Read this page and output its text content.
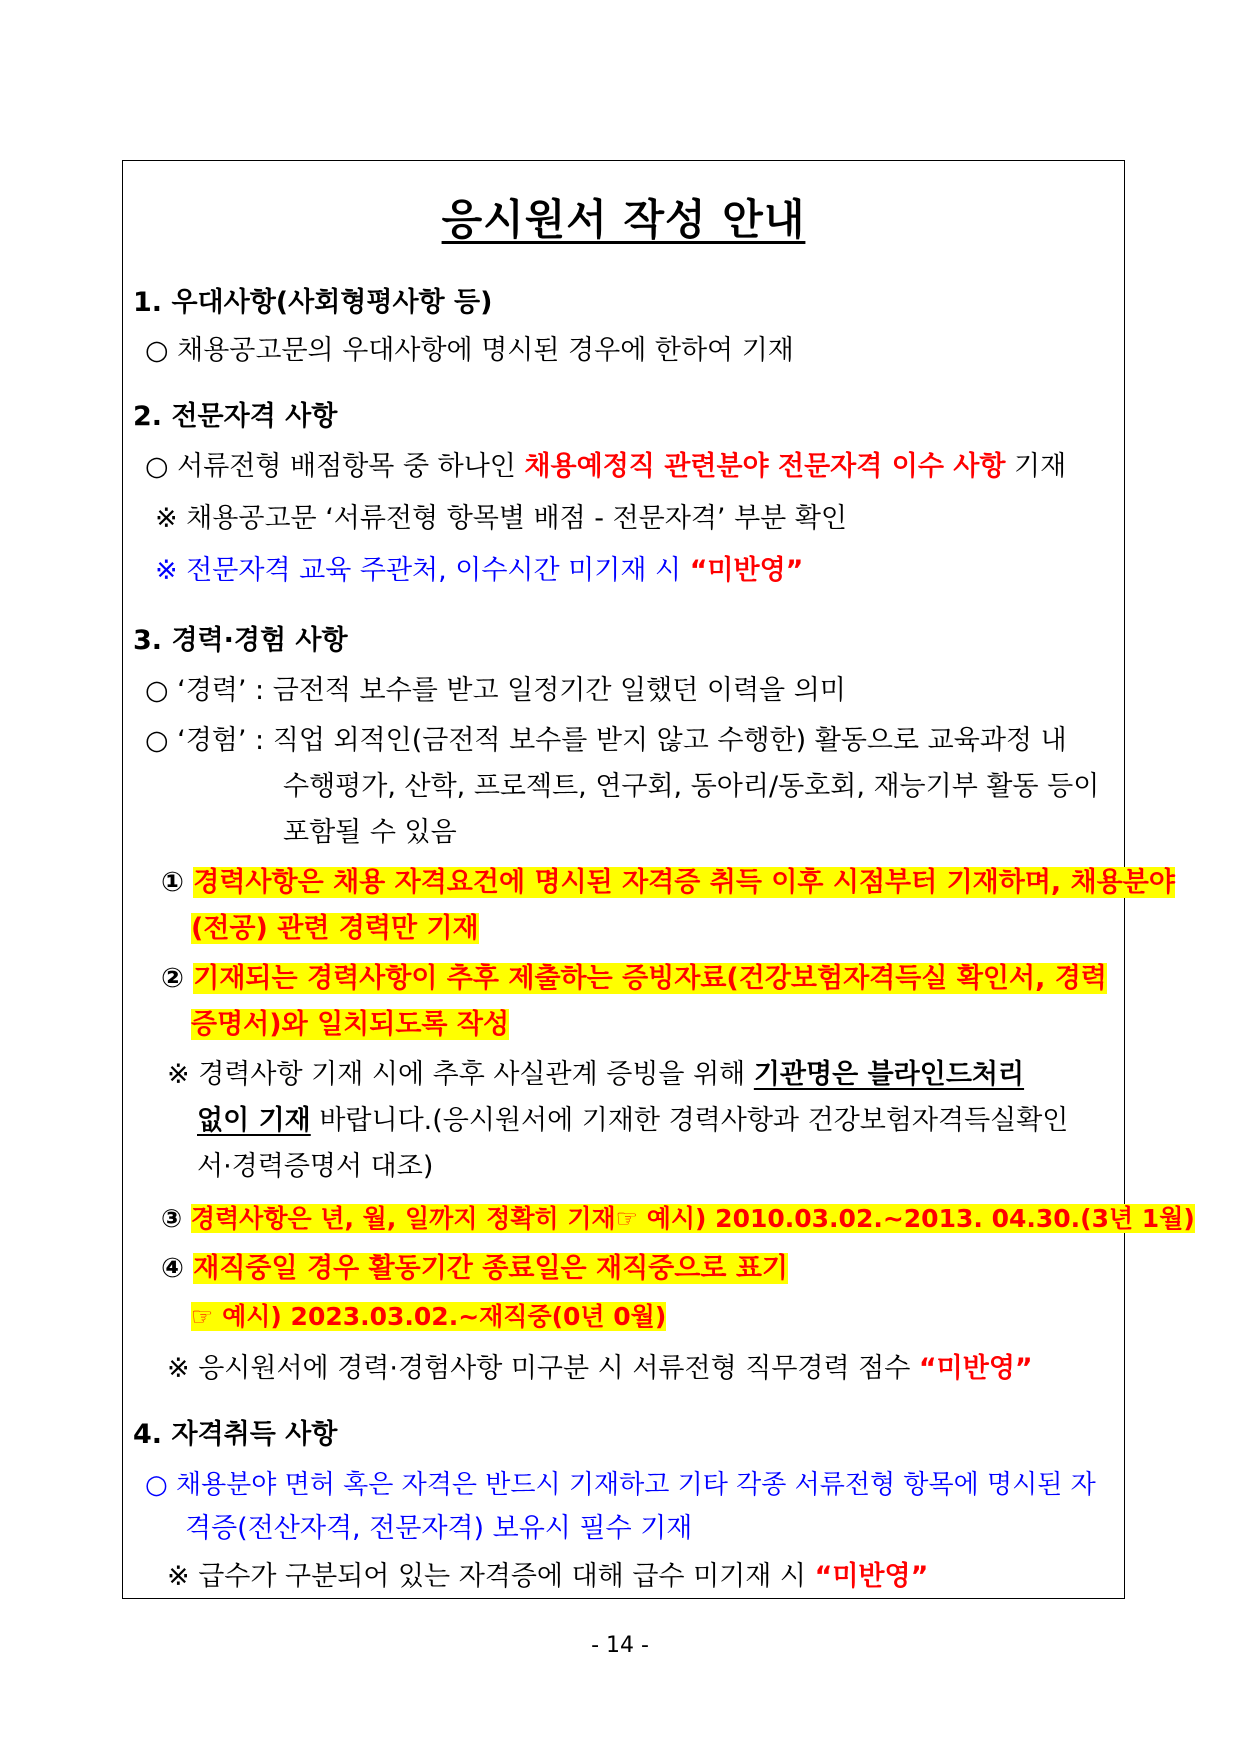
응시원서 작성 안내
1. 우대사항(사회형평사항 등)
○ 채용공고문의 우대사항에 명시된 경우에 한하여 기재
2. 전문자격 사항
○ 서류전형 배점항목 중 하나인 채용예정직 관련분야 전문자격 이수 사항 기재
※ 채용공고문 ‘서류전형 항목별 배점 - 전문자격’ 부분 확인
※ 전문자격 교육 주관처, 이수시간 미기재 시 “미반영”
3. 경력·경험 사항
○ ‘경력’ : 금전적 보수를 받고 일정기간 일했던 이력을 의미
○ ‘경험’ : 직업 외적인(금전적 보수를 받지 않고 수행한) 활동으로 교육과정 내
수행평가, 산학, 프로젝트, 연구회, 동아리/동호회, 재능기부 활동 등이
포함될 수 있음
① 경력사항은 채용 자격요건에 명시된 자격증 취득 이후 시점부터 기재하며, 채용분야
(전공) 관련 경력만 기재
② 기재되는 경력사항이 추후 제출하는 증빙자료(건강보험자격득실 확인서, 경력
증명서)와 일치되도록 작성
※ 경력사항 기재 시에 추후 사실관계 증빙을 위해 기관명은 블라인드처리
없이 기재 바랍니다.(응시원서에 기재한 경력사항과 건강보험자격득실확인
서·경력증명서 대조)
③ 경력사항은 년, 월, 일까지 정확히 기재☞ 예시) 2010.03.02.~2013. 04.30.(3년 1월)
④ 재직중일 경우 활동기간 종료일은 재직중으로 표기
☞ 예시) 2023.03.02.~재직중(0년 0월)
※ 응시원서에 경력·경험사항 미구분 시 서류전형 직무경력 점수 “미반영”
4. 자격취득 사항
○ 채용분야 면허 혹은 자격은 반드시 기재하고 기타 각종 서류전형 항목에 명시된 자
격증(전산자격, 전문자격) 보유시 필수 기재
※ 급수가 구분되어 있는 자격증에 대해 급수 미기재 시 “미반영”
- 14 -
